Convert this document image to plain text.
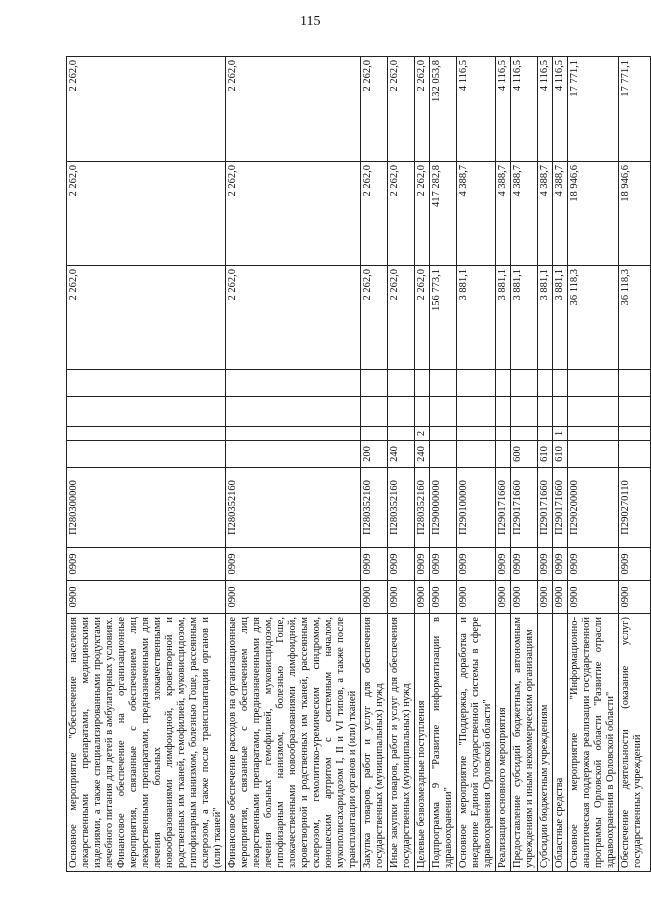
115
Основное мероприятие "Обеспечение населения лекарственными препаратами, медицинскими изделиями, а также специализированными продуктами лечебного питания для детей в амбулаторных условиях. Финансовое обеспечение на организационные мероприятия, связанные с обеспечением лиц лекарственными препаратами, предназначенными для лечения больных злокачественными новообразованиями лимфоидной, кроветворной и родственных им тканей, гемофилией, муковисцидозом, гипофизарным нанизмом, болезнью Гоше, рассеянным склерозом, а также после трансплантации органов и (или) тканей"	0900	0909	П280300000					2 262,0	2 262,0	2 262,0
Финансовое обеспечение расходов на организационные мероприятия, связанные с обеспечением лиц лекарственными препаратами, предназначенными для лечения больных гемофилией, муковисцидозом, гипофизарным нанизмом, болезнью Гоше, злокачественными новообразованиями лимфоидной, кроветворной и родственных им тканей, рассеянным склерозом, гемолитико-уремическим синдромом, юношеским артритом с системным началом, мукополисахаридозом I, II и VI типов, а также после трансплантации органов и (или) тканей	0900	0909	П280352160					2 262,0	2 262,0	2 262,0
Закупка товаров, работ и услуг для обеспечения государственных (муниципальных) нужд	0900	0909	П280352160	200				2 262,0	2 262,0	2 262,0
Иные закупки товаров, работ и услуг для обеспечения государственных (муниципальных) нужд	0900	0909	П280352160	240				2 262,0	2 262,0	2 262,0
Целевые безвозмездные поступления	0900	0909	П280352160	240	2			2 262,0	2 262,0	2 262,0
Подпрограмма 9 "Развитие информатизации в здравоохранении"	0900	0909	П290000000					156 773,1	417 282,8	132 053,8
Основное мероприятие "Поддержка, доработка и внедрение Единой государственной системы в сфере здравоохранения Орловской области"	0900	0909	П290100000					3 881,1	4 388,7	4 116,5
Реализация основного мероприятия	0900	0909	П290171660					3 881,1	4 388,7	4 116,5
Предоставление субсидий бюджетным, автономным учреждениям и иным некоммерческим организациям	0900	0909	П290171660	600				3 881,1	4 388,7	4 116,5
Субсидии бюджетным учреждениям	0900	0909	П290171660	610				3 881,1	4 388,7	4 116,5
Областные средства	0900	0909	П290171660	610	1			3 881,1	4 388,7	4 116,5
Основное мероприятие "Информационно-аналитическая поддержка реализации государственной программы Орловской области "Развитие отрасли здравоохранения в Орловской области"	0900	0909	П290200000					36 118,3	18 946,6	17 771,1
Обеспечение деятельности (оказание услуг) государственных учреждений	0900	0909	П290270110					36 118,3	18 946,6	17 771,1
